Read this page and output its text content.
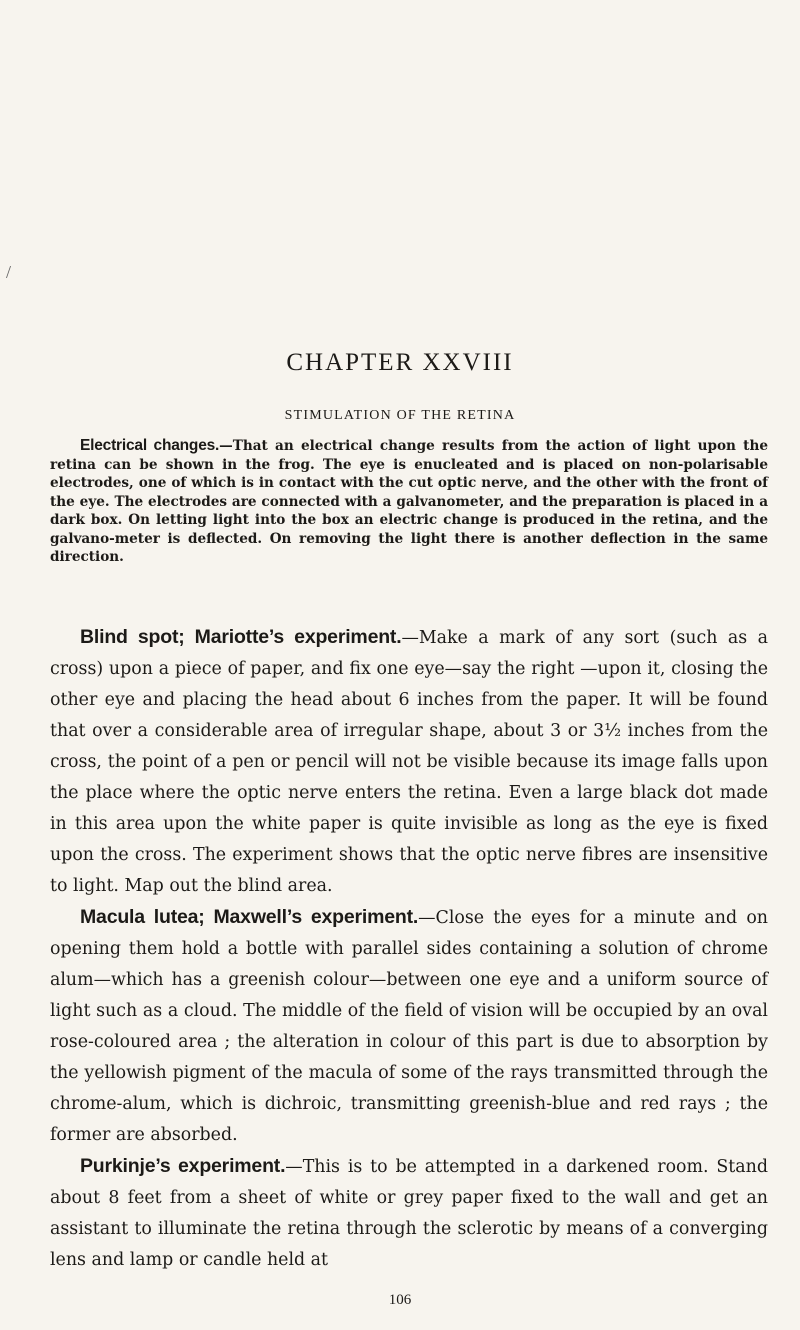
/
CHAPTER XXVIII
STIMULATION OF THE RETINA

Electrical changes.—That an electrical change results from the action of light upon the retina can be shown in the frog. The eye is enucleated and is placed on non-polarisable electrodes, one of which is in contact with the cut optic nerve, and the other with the front of the eye. The electrodes are connected with a galvanometer, and the preparation is placed in a dark box. On letting light into the box an electric change is produced in the retina, and the galvano-meter is deflected. On removing the light there is another deflection in the same direction.

Blind spot; Mariotte’s experiment.—Make a mark of any sort (such as a cross) upon a piece of paper, and fix one eye—say the right —upon it, closing the other eye and placing the head about 6 inches from the paper. It will be found that over a considerable area of irregular shape, about 3 or 3½ inches from the cross, the point of a pen or pencil will not be visible because its image falls upon the place where the optic nerve enters the retina. Even a large black dot made in this area upon the white paper is quite invisible as long as the eye is fixed upon the cross. The experiment shows that the optic nerve fibres are insensitive to light. Map out the blind area.

Macula lutea; Maxwell’s experiment.—Close the eyes for a minute and on opening them hold a bottle with parallel sides containing a solution of chrome alum—which has a greenish colour—between one eye and a uniform source of light such as a cloud. The middle of the field of vision will be occupied by an oval rose-coloured area ; the alteration in colour of this part is due to absorption by the yellowish pigment of the macula of some of the rays transmitted through the chrome-alum, which is dichroic, transmitting greenish-blue and red rays ; the former are absorbed.

Purkinje’s experiment.—This is to be attempted in a darkened room. Stand about 8 feet from a sheet of white or grey paper fixed to the wall and get an assistant to illuminate the retina through the sclerotic by means of a converging lens and lamp or candle held at

106
